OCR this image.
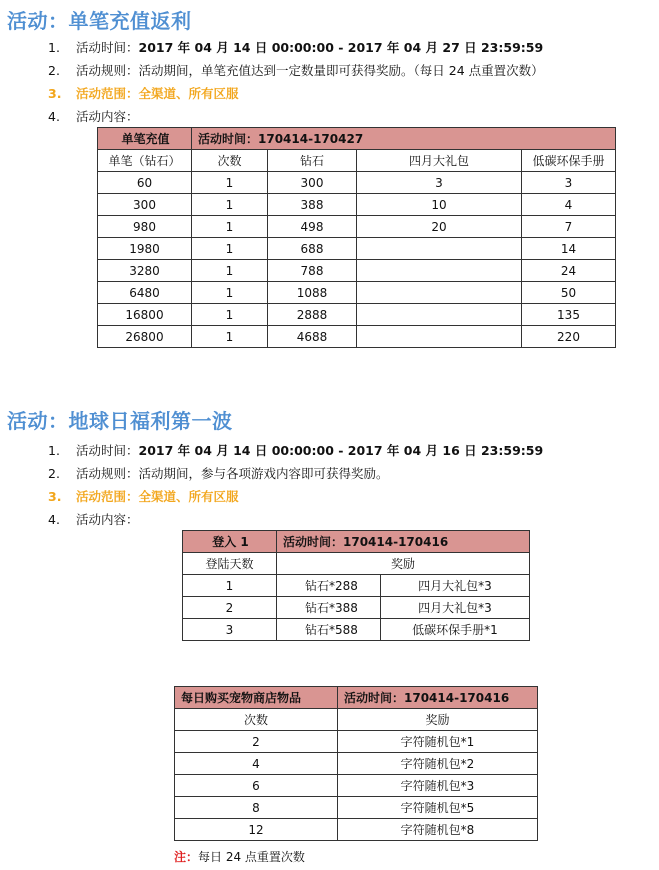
活动：单笔充值返利
1. 活动时间：2017 年 04 月 14 日 00:00:00 - 2017 年 04 月 27 日 23:59:59
2. 活动规则：活动期间，单笔充值达到一定数量即可获得奖励。（每日 24 点重置次数）
3. 活动范围：全渠道、所有区服
4. 活动内容：
单笔充值	活动时间：170414-170427			
单笔（钻石）	次数	钻石	四月大礼包	低碳环保手册
60	1	300	3	3
300	1	388	10	4
980	1	498	20	7
1980	1	688		14
3280	1	788		24
6480	1	1088		50
16800	1	2888		135
26800	1	4688		220
活动：地球日福利第一波
1. 活动时间：2017 年 04 月 14 日 00:00:00 - 2017 年 04 月 16 日 23:59:59
2. 活动规则：活动期间，参与各项游戏内容即可获得奖励。
3. 活动范围：全渠道、所有区服
4. 活动内容：
登入 1	活动时间：170414-170416	
登陆天数	奖励	
1	钻石*288	四月大礼包*3
2	钻石*388	四月大礼包*3
3	钻石*588	低碳环保手册*1
每日购买宠物商店物品	活动时间：170414-170416
次数	奖励
2	字符随机包*1
4	字符随机包*2
6	字符随机包*3
8	字符随机包*5
12	字符随机包*8
注：每日 24 点重置次数
